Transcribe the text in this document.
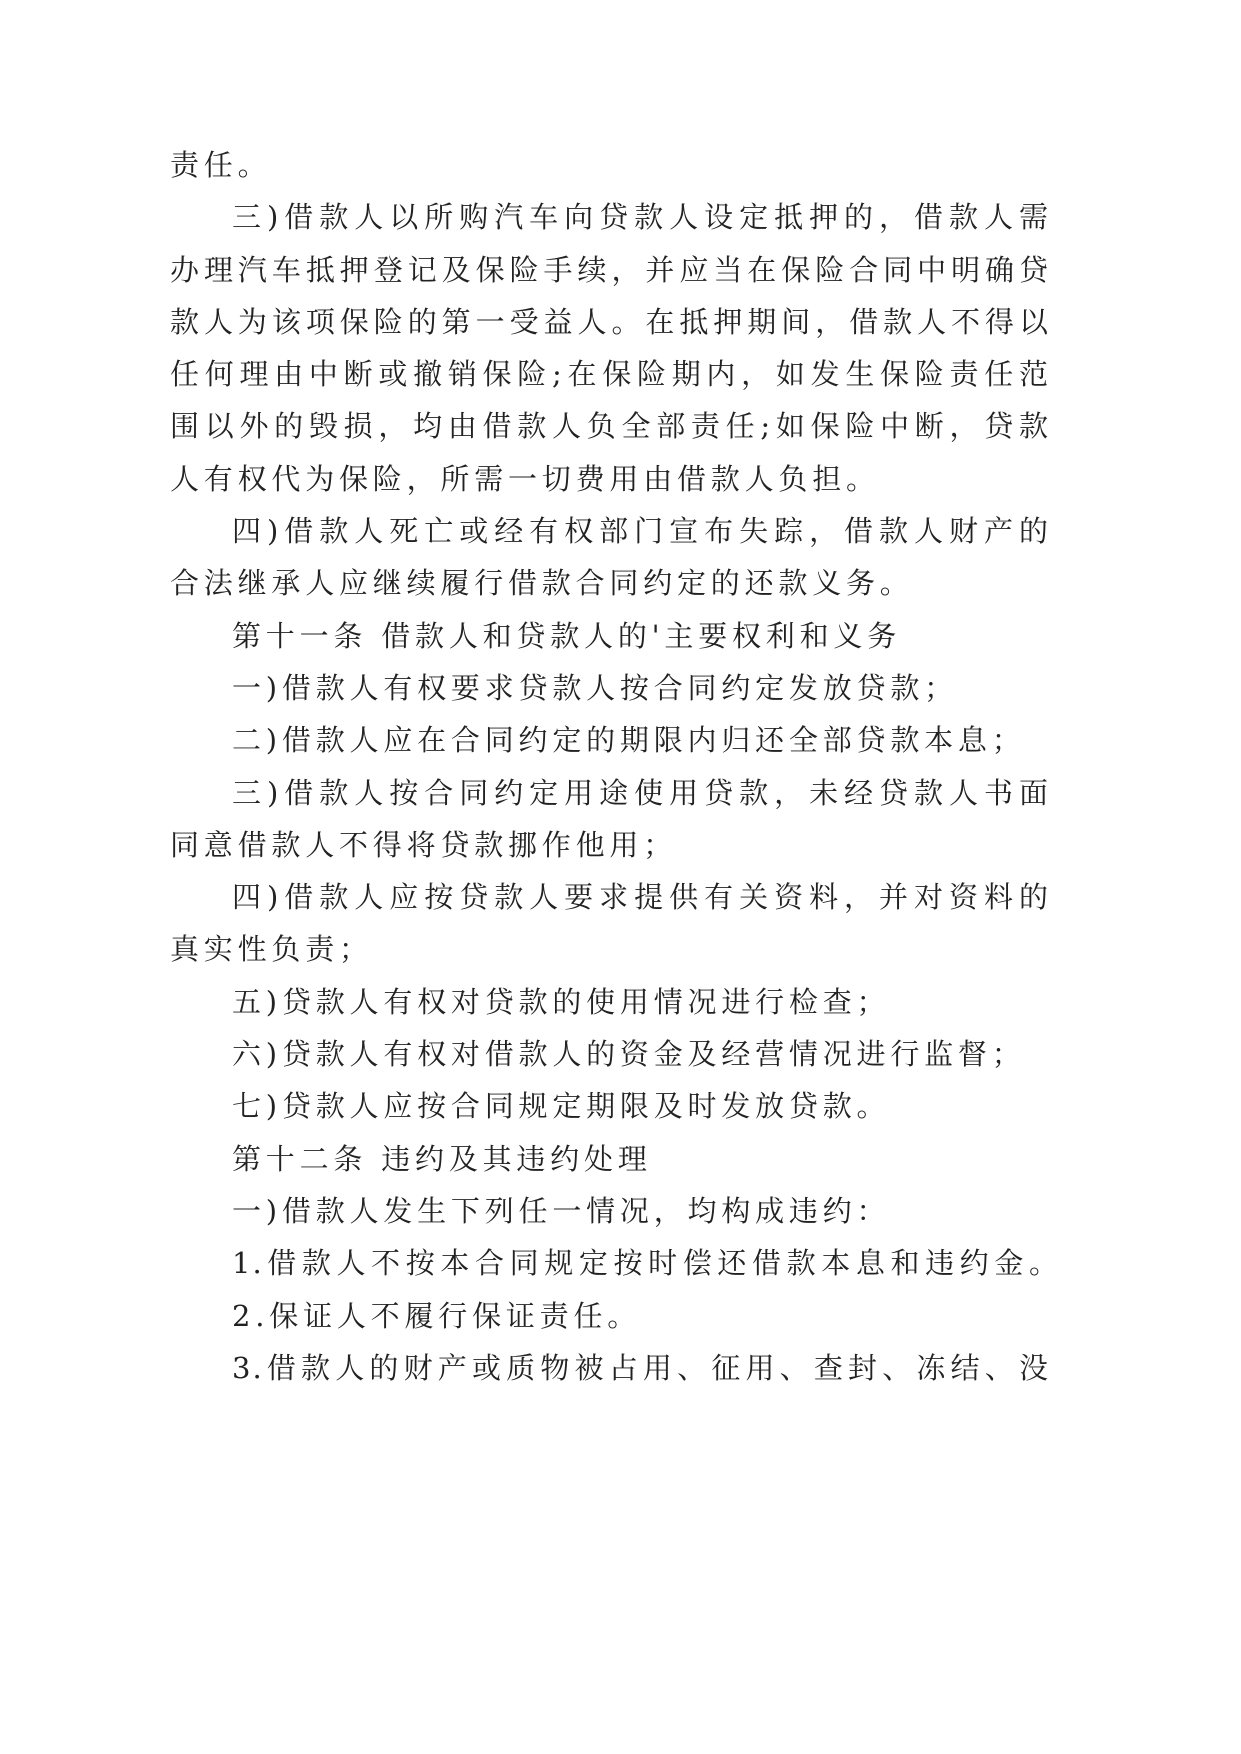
责任。
三)借款人以所购汽车向贷款人设定抵押的，借款人需
办理汽车抵押登记及保险手续，并应当在保险合同中明确贷
款人为该项保险的第一受益人。在抵押期间，借款人不得以
任何理由中断或撤销保险;在保险期内，如发生保险责任范
围以外的毁损，均由借款人负全部责任;如保险中断，贷款
人有权代为保险，所需一切费用由借款人负担。
四)借款人死亡或经有权部门宣布失踪，借款人财产的
合法继承人应继续履行借款合同约定的还款义务。
第十一条 借款人和贷款人的'主要权利和义务
一)借款人有权要求贷款人按合同约定发放贷款；
二)借款人应在合同约定的期限内归还全部贷款本息；
三)借款人按合同约定用途使用贷款，未经贷款人书面
同意借款人不得将贷款挪作他用；
四)借款人应按贷款人要求提供有关资料，并对资料的
真实性负责；
五)贷款人有权对贷款的使用情况进行检查；
六)贷款人有权对借款人的资金及经营情况进行监督；
七)贷款人应按合同规定期限及时发放贷款。
第十二条 违约及其违约处理
一)借款人发生下列任一情况，均构成违约：
1.借款人不按本合同规定按时偿还借款本息和违约金。
2.保证人不履行保证责任。
3.借款人的财产或质物被占用、征用、查封、冻结、没
